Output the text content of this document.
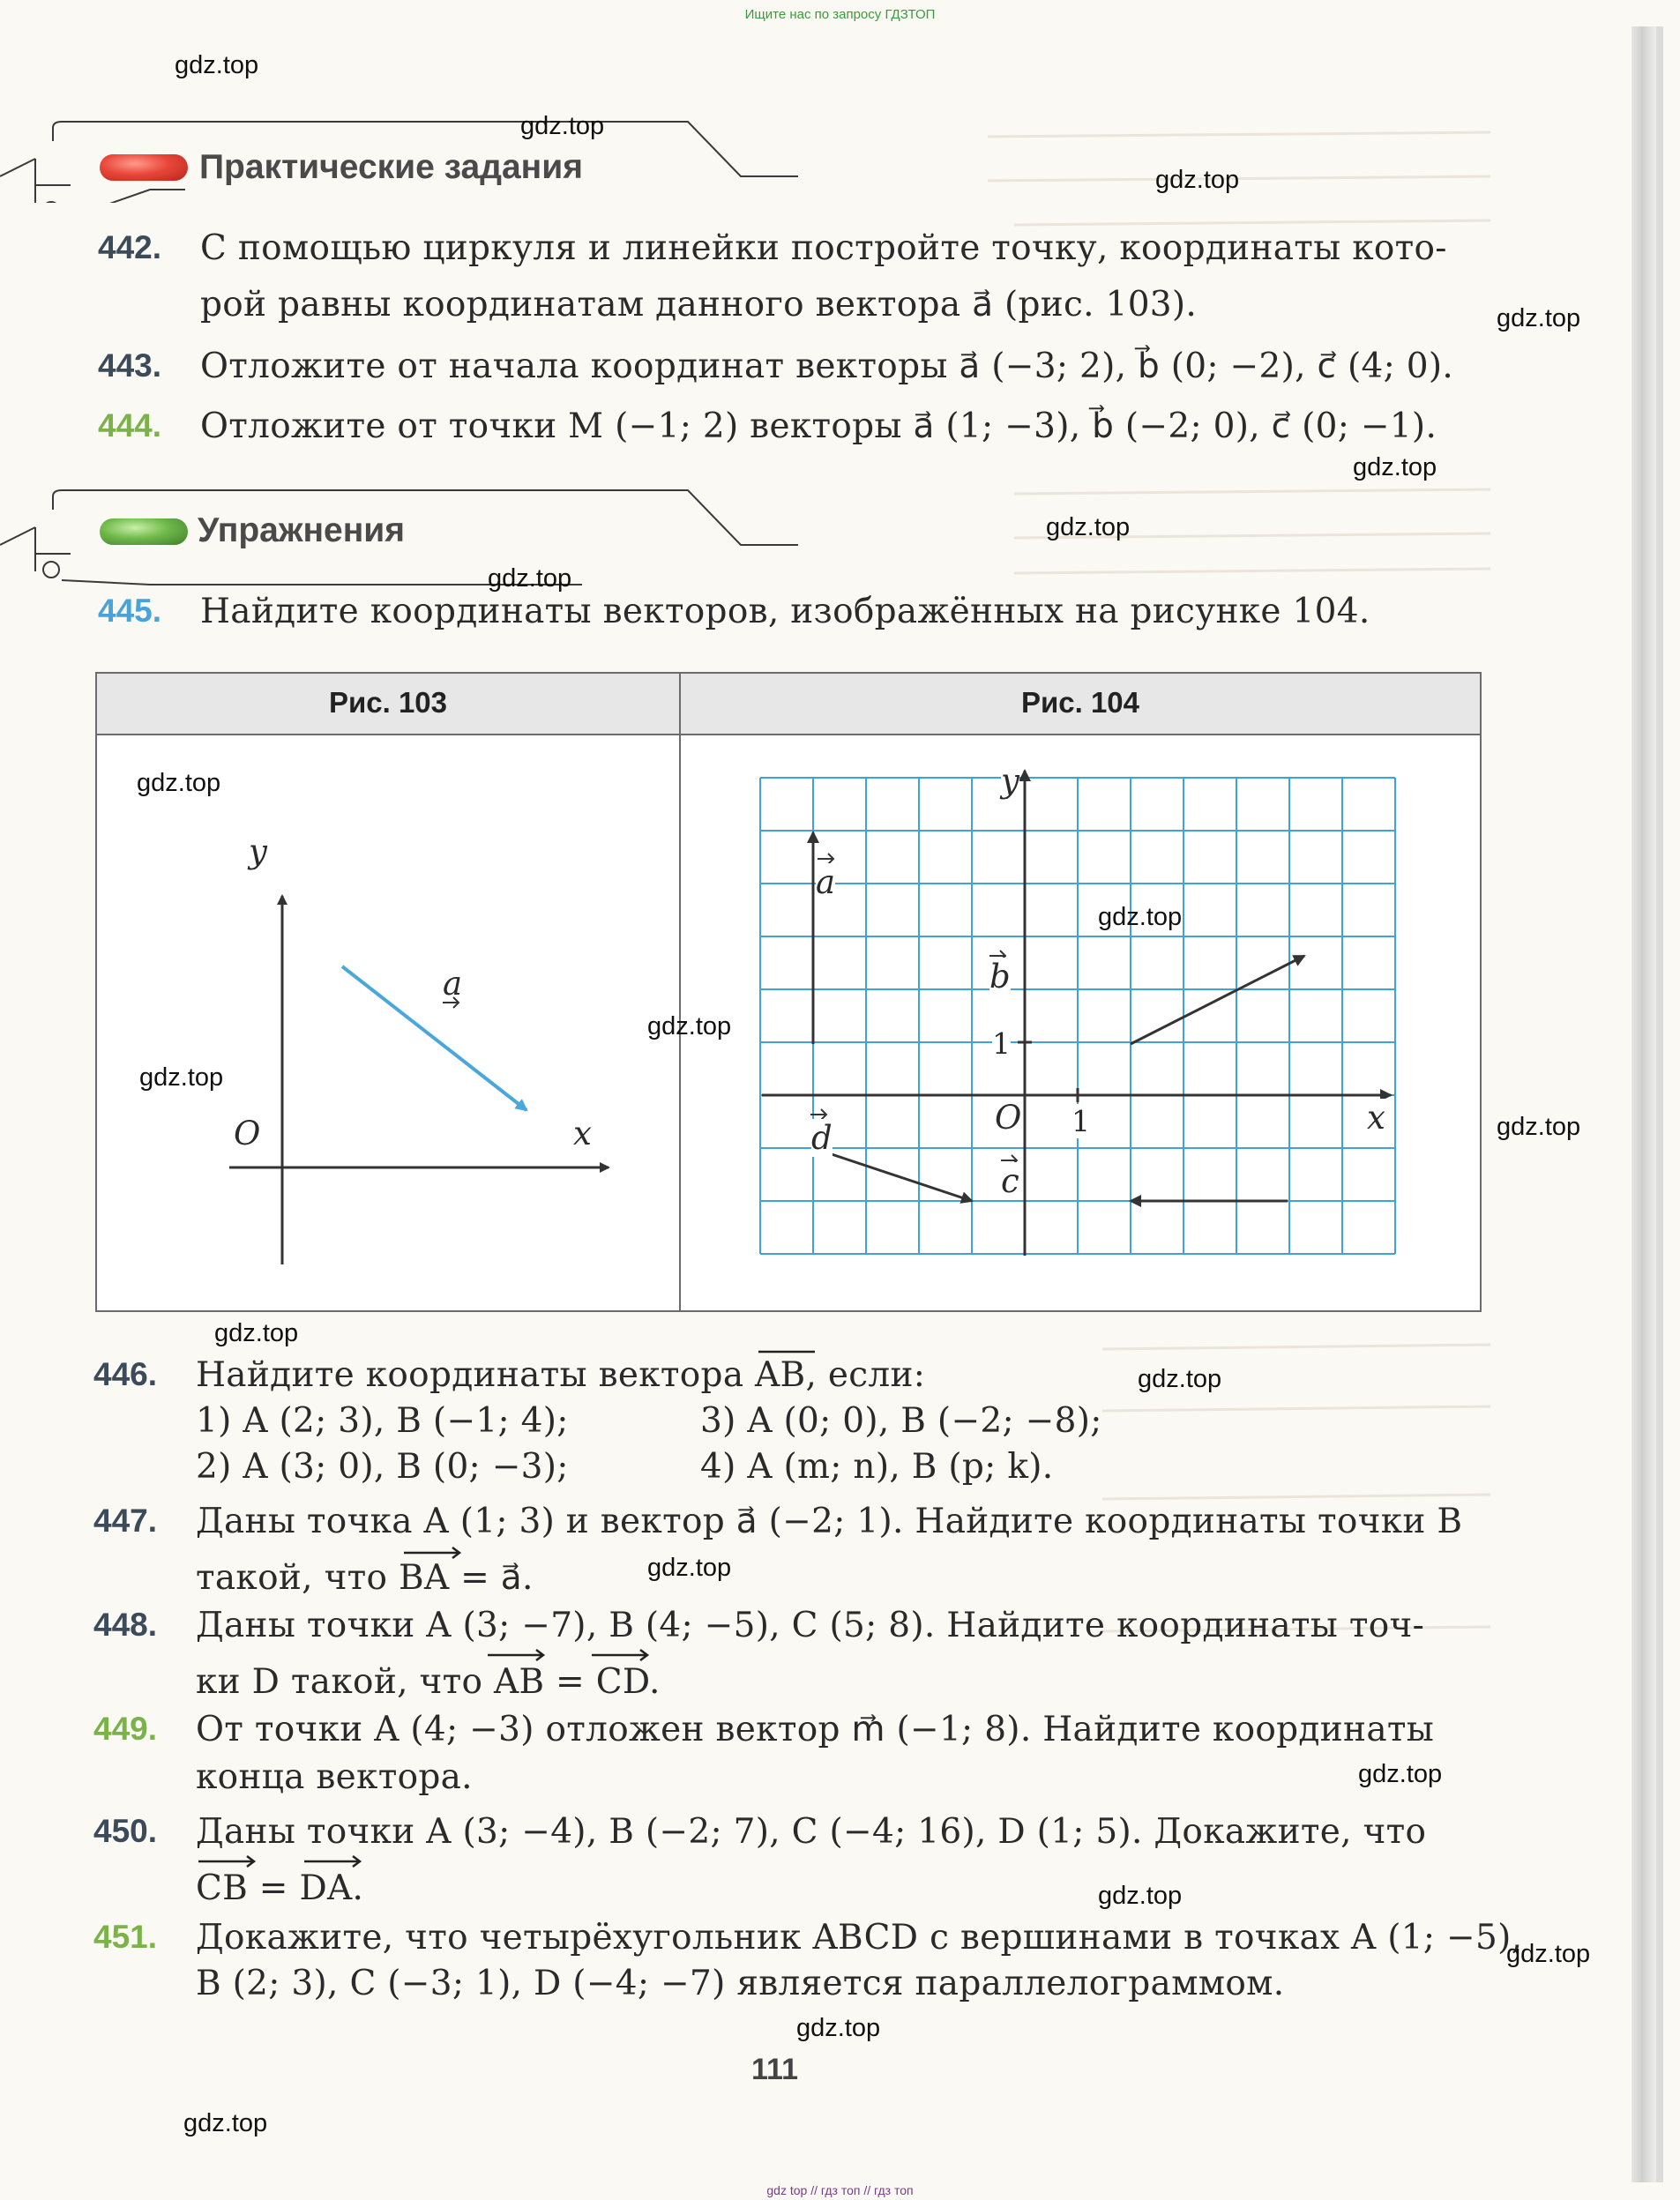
Ищите нас по запросу ГДЗТОП
Практические задания
442. С помощью циркуля и линейки постройте точку, координаты кото-
рой равны координатам данного вектора a⃗ (рис. 103).
443. Отложите от начала координат векторы a⃗ (−3; 2), b⃗ (0; −2), c⃗ (4; 0).
444. Отложите от точки M (−1; 2) векторы a⃗ (1; −3), b⃗ (−2; 0), c⃗ (0; −1).
Упражнения
445. Найдите координаты векторов, изображённых на рисунке 104.
Рис. 103	Рис. 104
y
x
O
a
y
x
O 1
1
a
b
c
d
446. Найдите координаты вектора AB, если:
1) A (2; 3), B (−1; 4);
2) A (3; 0), B (0; −3);
3) A (0; 0), B (−2; −8);
4) A (m; n), B (p; k).
447. Даны точка A (1; 3) и вектор a⃗ (−2; 1). Найдите координаты точки B
такой, что BA = a⃗.
448. Даны точки A (3; −7), B (4; −5), C (5; 8). Найдите координаты точ-
ки D такой, что AB = CD.
449. От точки A (4; −3) отложен вектор m⃗ (−1; 8). Найдите координаты
конца вектора.
450. Даны точки A (3; −4), B (−2; 7), C (−4; 16), D (1; 5). Докажите, что
CB = DA.
451. Докажите, что четырёхугольник ABCD с вершинами в точках A (1; −5),
B (2; 3), C (−3; 1), D (−4; −7) является параллелограммом.
111
gdz.top
gdz.top
gdz.top
gdz.top
gdz.top
gdz.top
gdz.top
gdz.top
gdz.top
gdz.top
gdz.top
gdz.top
gdz.top
gdz.top
gdz.top
gdz.top
gdz.top
gdz.top
gdz.top
gdz.top
gdz top // гдз топ // гдз топ
